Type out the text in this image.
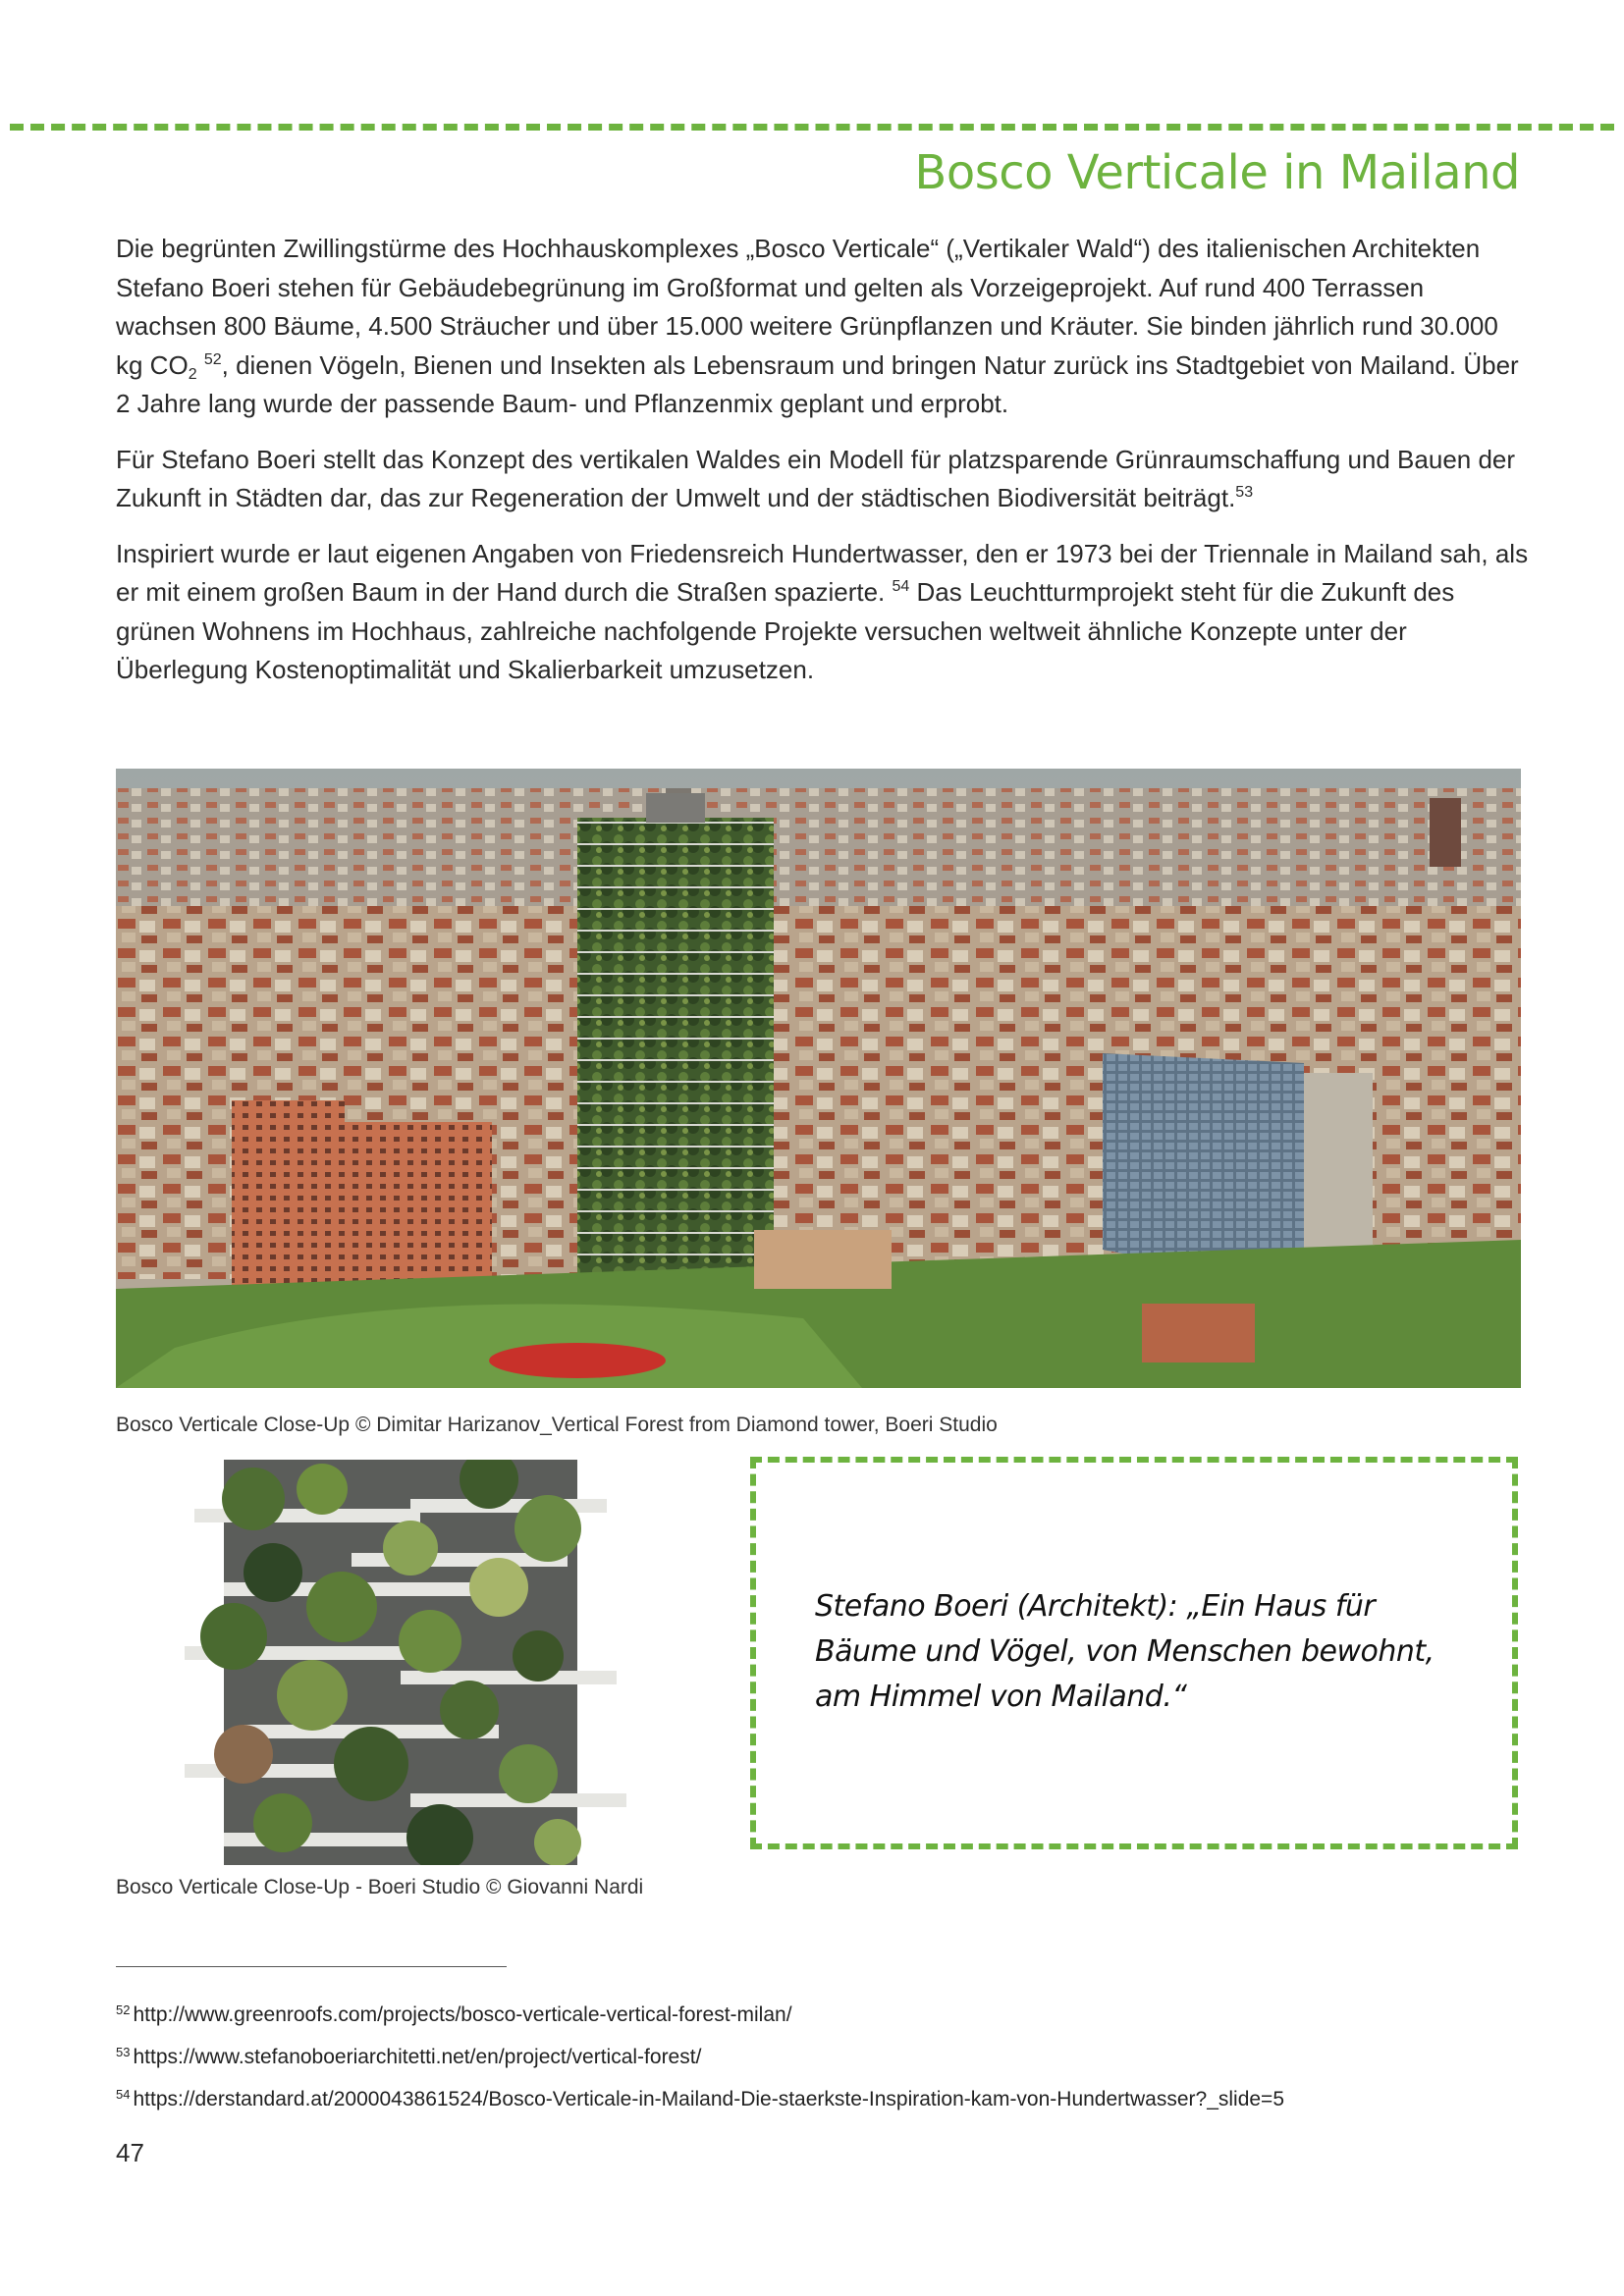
Bosco Verticale in Mailand

Die begrünten Zwillingstürme des Hochhauskomplexes „Bosco Verticale“ („Vertikaler Wald“) des italienischen Architekten Stefano Boeri stehen für Gebäudebegrünung im Großformat und gelten als Vorzeigeprojekt. Auf rund 400 Terrassen wachsen 800 Bäume, 4.500 Sträucher und über 15.000 weitere Grünpflanzen und Kräuter. Sie binden jährlich rund 30.000 kg $CO_2$ $^{52}$, dienen Vögeln, Bienen und Insekten als Lebensraum und bringen Natur zurück ins Stadtgebiet von Mailand. Über 2 Jahre lang wurde der passende Baum- und Pflanzenmix geplant und erprobt.

Für Stefano Boeri stellt das Konzept des vertikalen Waldes ein Modell für platzsparende Grünraumschaffung und Bauen der Zukunft in Städten dar, das zur Regeneration der Umwelt und der städtischen Biodiversität beiträgt.$^{53}$

Inspiriert wurde er laut eigenen Angaben von Friedensreich Hundertwasser, den er 1973 bei der Triennale in Mailand sah, als er mit einem großen Baum in der Hand durch die Straßen spazierte. $^{54}$ Das Leuchtturmprojekt steht für die Zukunft des grünen Wohnens im Hochhaus, zahlreiche nachfolgende Projekte versuchen weltweit ähnliche Konzepte unter der Überlegung Kostenoptimalität und Skalierbarkeit umzusetzen.

Bosco Verticale Close-Up © Dimitar Harizanov_Vertical Forest from Diamond tower, Boeri Studio
Bosco Verticale Close-Up - Boeri Studio © Giovanni Nardi
Stefano Boeri (Architekt): „Ein Haus für Bäume und Vögel, von Menschen bewohnt, am Himmel von Mailand.“
$^{52}$ http://www.greenroofs.com/projects/bosco-verticale-vertical-forest-milan/
$^{53}$ https://www.stefanoboeriarchitetti.net/en/project/vertical-forest/
$^{54}$ https://derstandard.at/2000043861524/Bosco-Verticale-in-Mailand-Die-staerkste-Inspiration-kam-von-Hundertwasser?_slide=5
47
